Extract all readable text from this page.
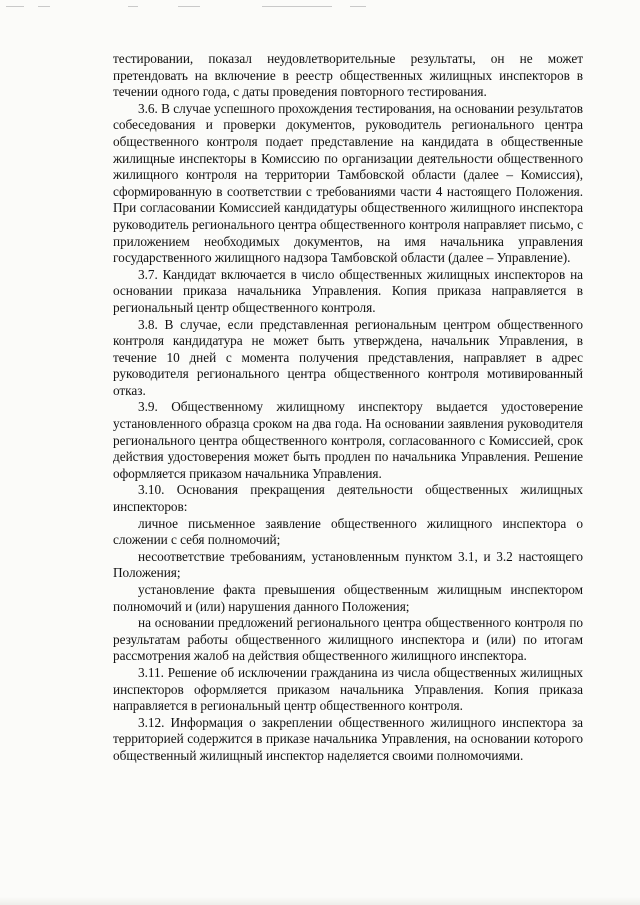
тестировании, показал неудовлетворительные результаты, он не может претендовать на включение в реестр общественных жилищных инспекторов в течении одного года, с даты проведения повторного тестирования.

3.6. В случае успешного прохождения тестирования, на основании результатов собеседования и проверки документов, руководитель регионального центра общественного контроля подает представление на кандидата в общественные жилищные инспекторы в Комиссию по организации деятельности общественного жилищного контроля на территории Тамбовской области (далее – Комиссия), сформированную в соответствии с требованиями части 4 настоящего Положения. При согласовании Комиссией кандидатуры общественного жилищного инспектора руководитель регионального центра общественного контроля направляет письмо, с приложением необходимых документов, на имя начальника управления государственного жилищного надзора Тамбовской области (далее – Управление).

3.7. Кандидат включается в число общественных жилищных инспекторов на основании приказа начальника Управления. Копия приказа направляется в региональный центр общественного контроля.

3.8. В случае, если представленная региональным центром общественного контроля кандидатура не может быть утверждена, начальник Управления, в течение 10 дней с момента получения представления, направляет в адрес руководителя регионального центра общественного контроля мотивированный отказ.

3.9. Общественному жилищному инспектору выдается удостоверение установленного образца сроком на два года. На основании заявления руководителя регионального центра общественного контроля, согласованного с Комиссией, срок действия удостоверения может быть продлен по начальника Управления. Решение оформляется приказом начальника Управления.

3.10. Основания прекращения деятельности общественных жилищных инспекторов:

личное письменное заявление общественного жилищного инспектора о сложении с себя полномочий;

несоответствие требованиям, установленным пунктом 3.1, и 3.2 настоящего Положения;

установление факта превышения общественным жилищным инспектором полномочий и (или) нарушения данного Положения;

на основании предложений регионального центра общественного контроля по результатам работы общественного жилищного инспектора и (или) по итогам рассмотрения жалоб на действия общественного жилищного инспектора.

3.11. Решение об исключении гражданина из числа общественных жилищных инспекторов оформляется приказом начальника Управления. Копия приказа направляется в региональный центр общественного контроля.

3.12. Информация о закреплении общественного жилищного инспектора за территорией содержится в приказе начальника Управления, на основании которого общественный жилищный инспектор наделяется своими полномочиями.
